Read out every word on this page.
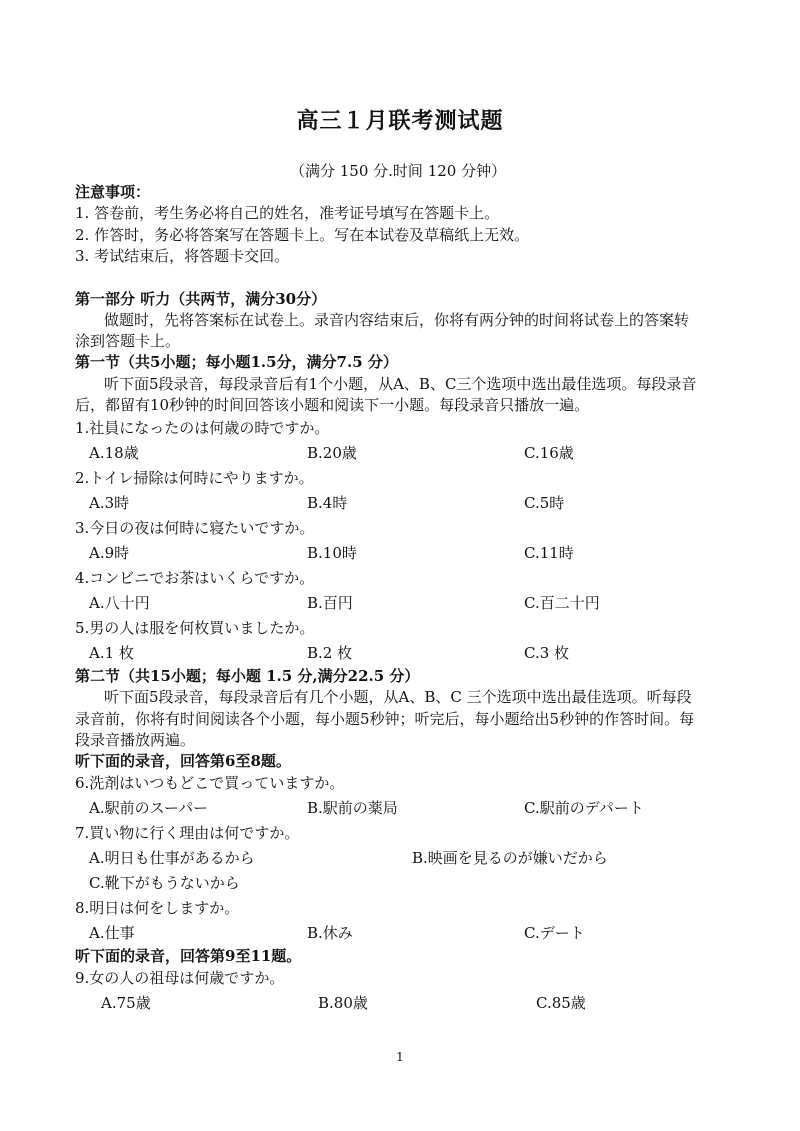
高三１月联考测试题
（满分 150 分.时间 120 分钟）
注意事项：
1. 答卷前，考生务必将自己的姓名，准考证号填写在答题卡上。
2. 作答时，务必将答案写在答题卡上。写在本试卷及草稿纸上无效。
3. 考试结束后，将答题卡交回。
第一部分 听力（共两节，满分30分）
做题时，先将答案标在试卷上。录音内容结束后，你将有两分钟的时间将试卷上的答案转
涂到答题卡上。
第一节（共5小题；每小题1.5分，满分7.5 分）
听下面5段录音，每段录音后有1个小题，从A、B、C三个选项中选出最佳选项。每段录音
后，都留有10秒钟的时间回答该小题和阅读下一小题。每段录音只播放一遍。
1.社員になったのは何歳の時ですか。
A.18歳	B.20歳	C.16歳
2.トイレ掃除は何時にやりますか。
A.3時	B.4時	C.5時
3.今日の夜は何時に寝たいですか。
A.9時	B.10時	C.11時
4.コンビニでお茶はいくらですか。
A.八十円	B.百円	C.百二十円
5.男の人は服を何枚買いましたか。
A.1 枚	B.2 枚	C.3 枚
第二节（共15小题；每小题 1.5 分,满分22.5 分）
听下面5段录音，每段录音后有几个小题，从A、B、C 三个选项中选出最佳选项。听每段
录音前，你将有时间阅读各个小题，每小题5秒钟；听完后，每小题给出5秒钟的作答时间。每
段录音播放两遍。
听下面的录音，回答第6至8题。
6.洗剤はいつもどこで買っていますか。
A.駅前のスーパー	B.駅前の薬局	C.駅前のデパート
7.買い物に行く理由は何ですか。
A.明日も仕事があるから	B.映画を見るのが嫌いだから
C.靴下がもうないから
8.明日は何をしますか。
A.仕事	B.休み	C.デート
听下面的录音，回答第9至11题。
9.女の人の祖母は何歳ですか。
A.75歳	B.80歳	C.85歳
1
